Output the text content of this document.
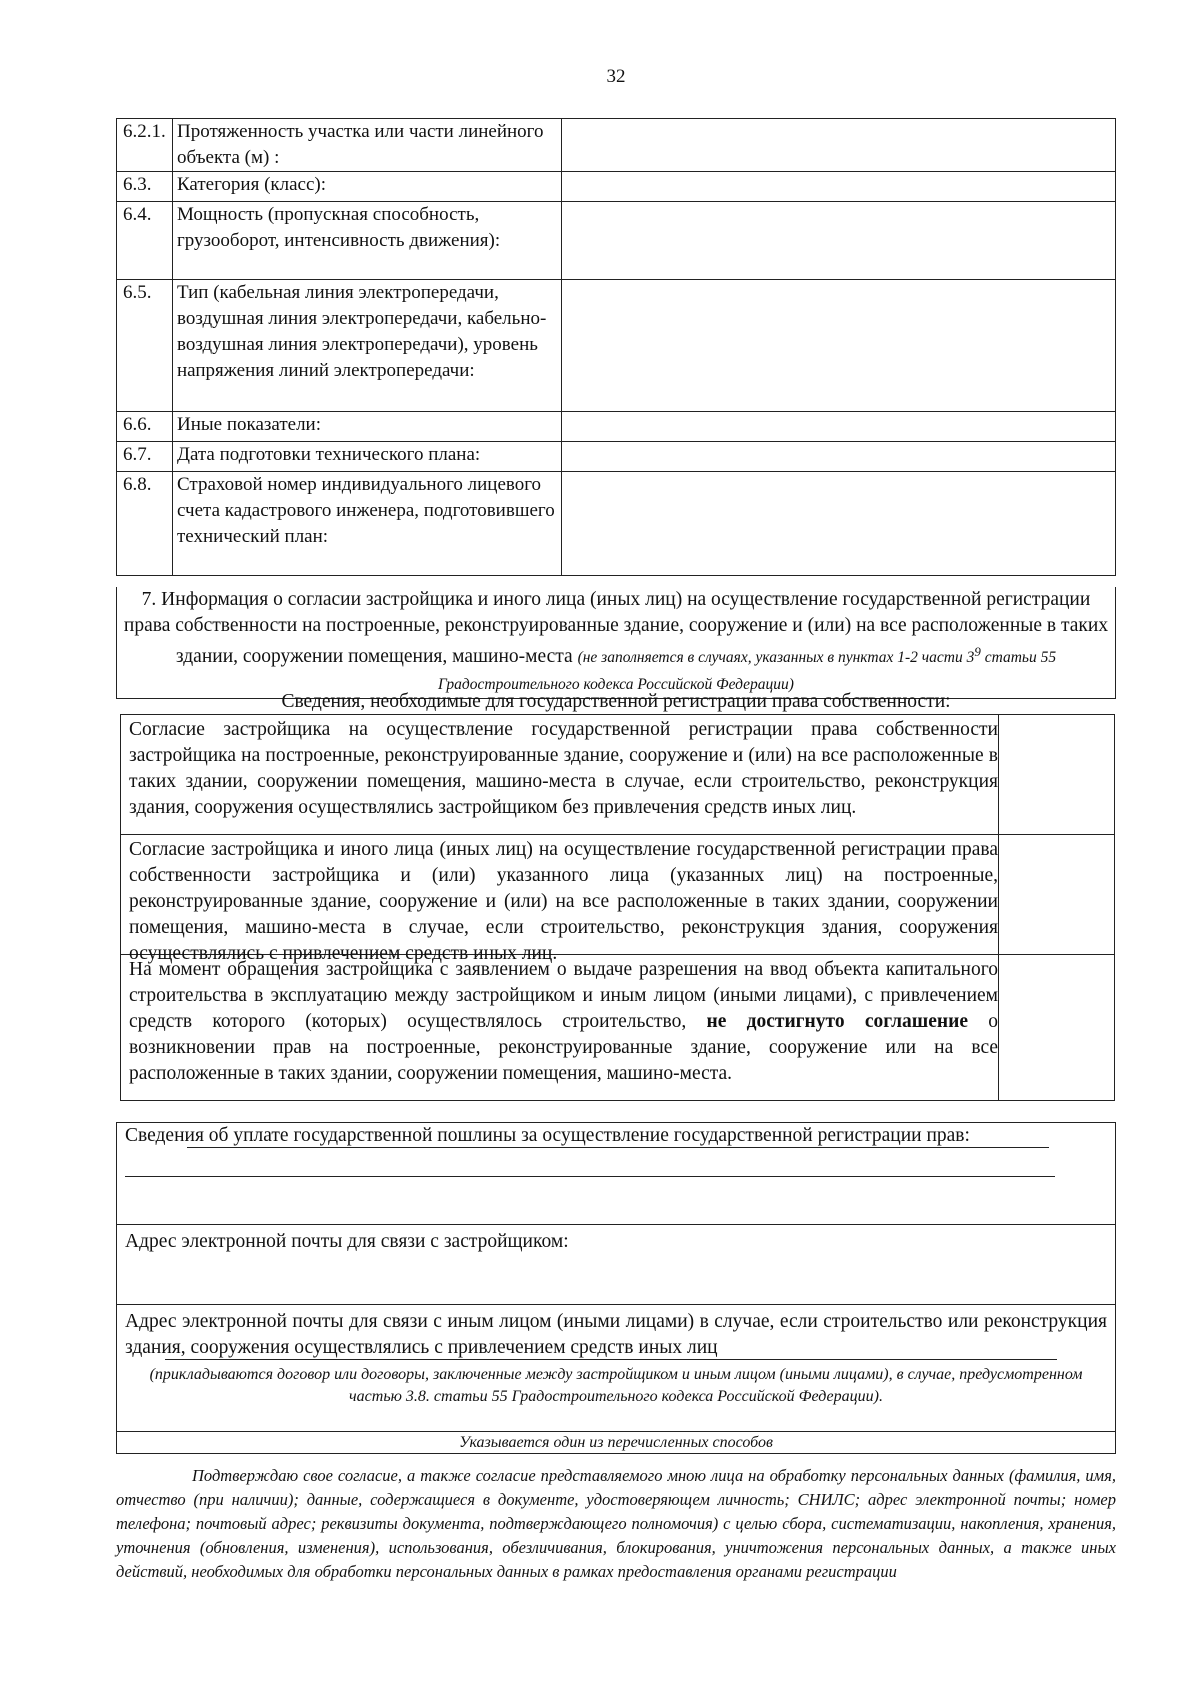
32
6.2.1.	Протяженность участка или части линейного объекта (м) :	
6.3.	Категория (класс):	
6.4.	Мощность (пропускная способность, грузооборот, интенсивность движения):	
6.5.	Тип (кабельная линия электропередачи, воздушная линия электропередачи, кабельно-воздушная линия электропередачи), уровень напряжения линий электропередачи:	
6.6.	Иные показатели:	
6.7.	Дата подготовки технического плана:	
6.8.	Страховой номер индивидуального лицевого счета кадастрового инженера, подготовившего технический план:	
7. Информация о согласии застройщика и иного лица (иных лиц) на осуществление государственной регистрации права собственности на построенные, реконструированные здание, сооружение и (или) на все расположенные в таких здании, сооружении помещения, машино-места (не заполняется в случаях, указанных в пунктах 1-2 части $3^9$ статьи 55 Градостроительного кодекса Российской Федерации)
Сведения, необходимые для государственной регистрации права собственности:
Согласие застройщика на осуществление государственной регистрации права собственности застройщика на построенные, реконструированные здание, сооружение и (или) на все расположенные в таких здании, сооружении помещения, машино-места в случае, если строительство, реконструкция здания, сооружения осуществлялись застройщиком без привлечения средств иных лиц.
Согласие застройщика и иного лица (иных лиц) на осуществление государственной регистрации права собственности застройщика и (или) указанного лица (указанных лиц) на построенные, реконструированные здание, сооружение и (или) на все расположенные в таких здании, сооружении помещения, машино-места в случае, если строительство, реконструкция здания, сооружения осуществлялись с привлечением средств иных лиц.
На момент обращения застройщика с заявлением о выдаче разрешения на ввод объекта капитального строительства в эксплуатацию между застройщиком и иным лицом (иными лицами), с привлечением средств которого (которых) осуществлялось строительство, не достигнуто соглашение о возникновении прав на построенные, реконструированные здание, сооружение или на все расположенные в таких здании, сооружении помещения, машино-места.
Сведения об уплате государственной пошлины за осуществление государственной регистрации прав:
Адрес электронной почты для связи с застройщиком:
Адрес электронной почты для связи с иным лицом (иными лицами) в случае, если строительство или реконструкция здания, сооружения осуществлялись с привлечением средств иных лиц
(прикладываются договор или договоры, заключенные между застройщиком и иным лицом (иными лицами), в случае, предусмотренном частью 3.8. статьи 55 Градостроительного кодекса Российской Федерации).
Указывается один из перечисленных способов
Подтверждаю свое согласие, а также согласие представляемого мною лица на обработку персональных данных (фамилия, имя, отчество (при наличии); данные, содержащиеся в документе, удостоверяющем личность; СНИЛС; адрес электронной почты; номер телефона; почтовый адрес; реквизиты документа, подтверждающего полномочия) с целью сбора, систематизации, накопления, хранения, уточнения (обновления, изменения), использования, обезличивания, блокирования, уничтожения персональных данных, а также иных действий, необходимых для обработки персональных данных в рамках предоставления органами регистрации
